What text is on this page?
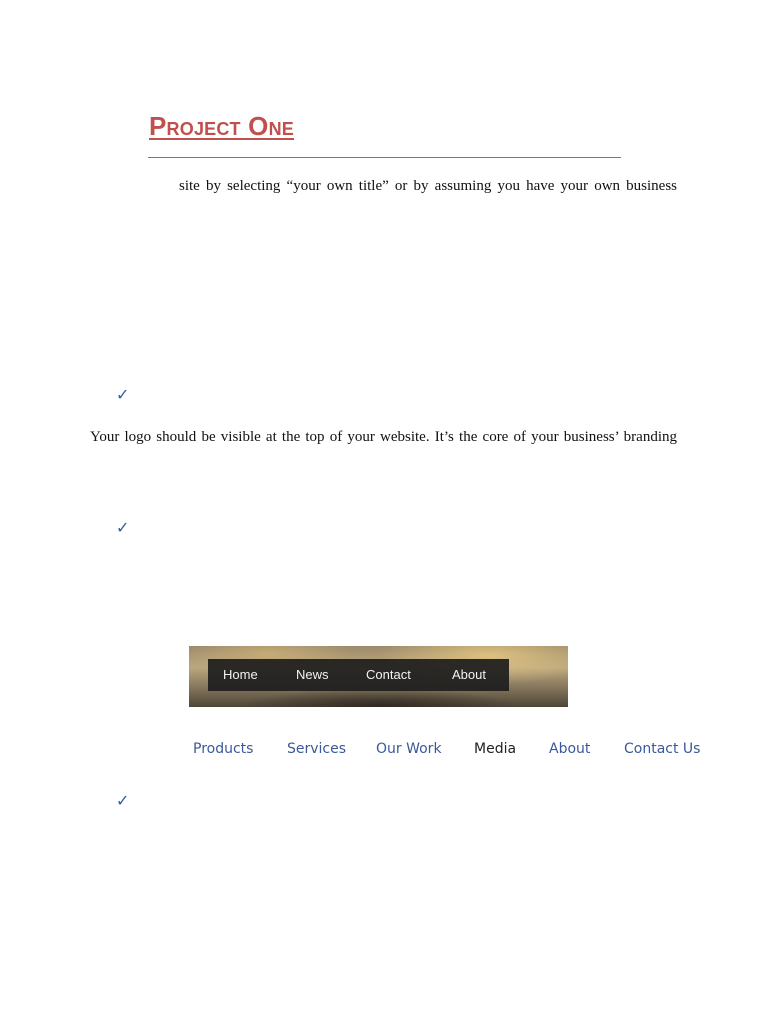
Project One
site by selecting “your own title” or by assuming you have your own business
✓
Your logo should be visible at the top of your website. It’s the core of your business’ branding
✓
Home	News	Contact	About
Products Services Our Work Media About Contact Us
✓
